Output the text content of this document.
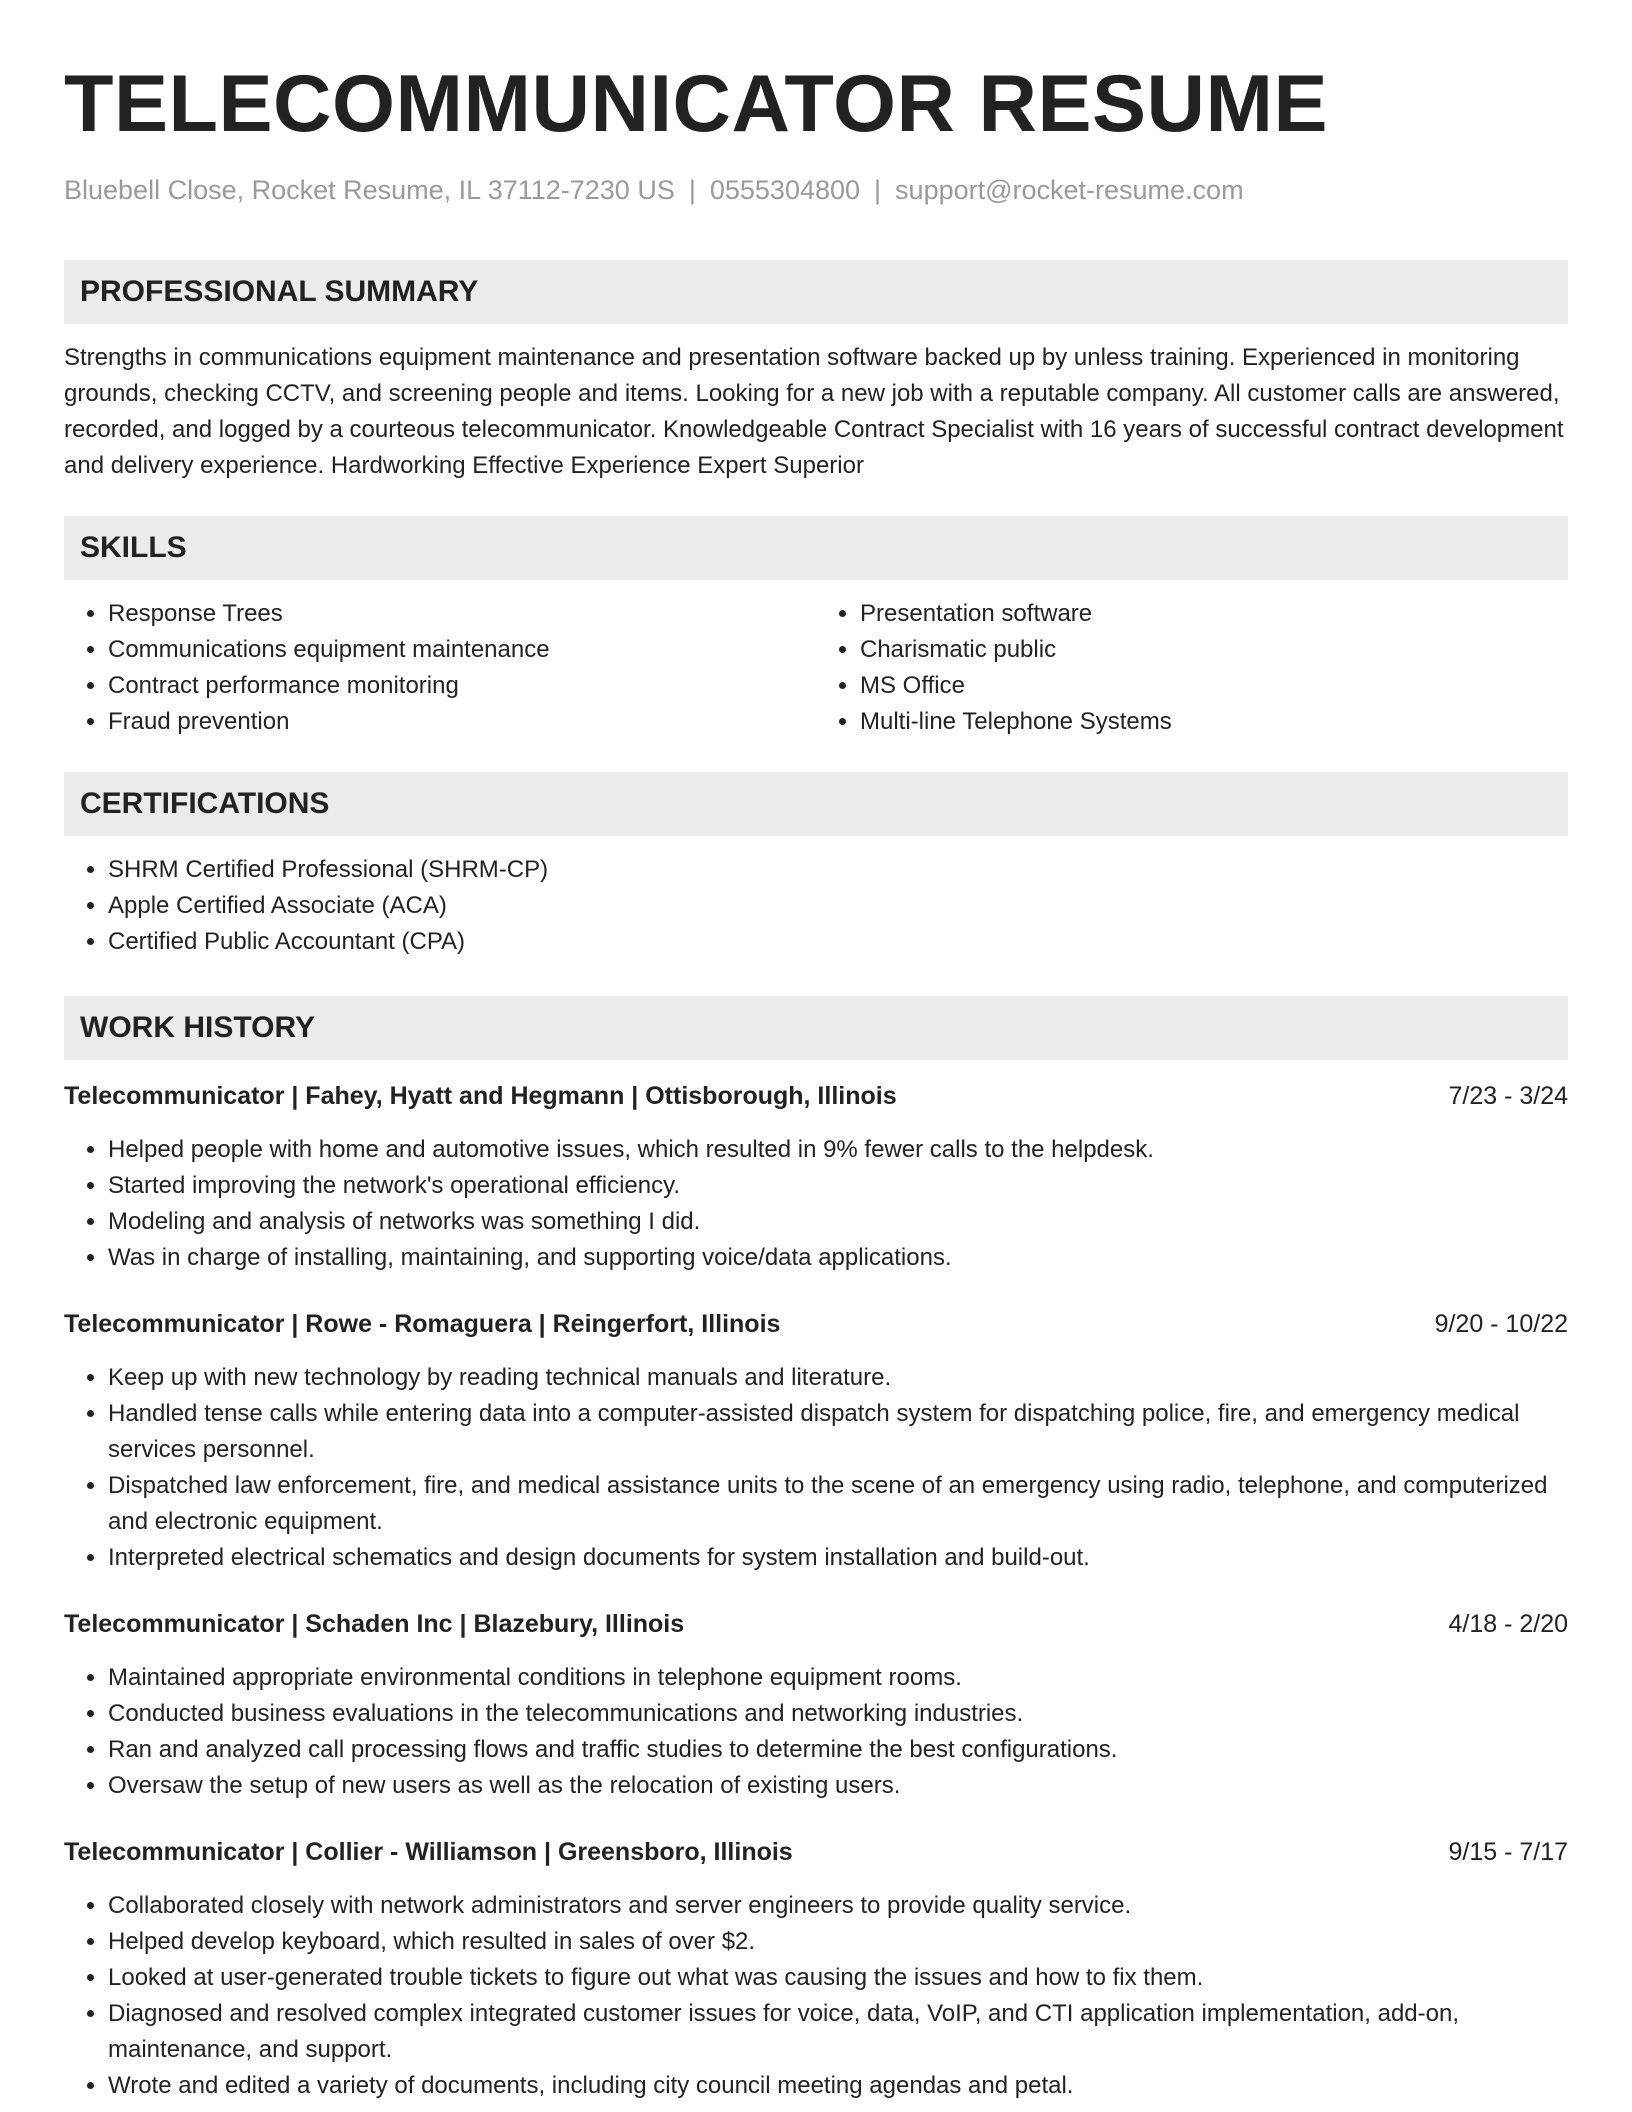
TELECOMMUNICATOR RESUME
Bluebell Close, Rocket Resume, IL 37112-7230 US | 0555304800 | support@rocket-resume.com
PROFESSIONAL SUMMARY

Strengths in communications equipment maintenance and presentation software backed up by unless training. Experienced in monitoring grounds, checking CCTV, and screening people and items. Looking for a new job with a reputable company. All customer calls are answered, recorded, and logged by a courteous telecommunicator. Knowledgeable Contract Specialist with 16 years of successful contract development and delivery experience. Hardworking Effective Experience Expert Superior

SKILLS
• Response Trees
• Communications equipment maintenance
• Contract performance monitoring
• Fraud prevention
• Presentation software
• Charismatic public
• MS Office
• Multi-line Telephone Systems
CERTIFICATIONS
• SHRM Certified Professional (SHRM-CP)
• Apple Certified Associate (ACA)
• Certified Public Accountant (CPA)
WORK HISTORY
Telecommunicator | Fahey, Hyatt and Hegmann | Ottisborough, Illinois	7/23 - 3/24
• Helped people with home and automotive issues, which resulted in 9% fewer calls to the helpdesk.
• Started improving the network's operational efficiency.
• Modeling and analysis of networks was something I did.
• Was in charge of installing, maintaining, and supporting voice/data applications.
Telecommunicator | Rowe - Romaguera | Reingerfort, Illinois	9/20 - 10/22
• Keep up with new technology by reading technical manuals and literature.
• Handled tense calls while entering data into a computer-assisted dispatch system for dispatching police, fire, and emergency medical services personnel.
• Dispatched law enforcement, fire, and medical assistance units to the scene of an emergency using radio, telephone, and computerized and electronic equipment.
• Interpreted electrical schematics and design documents for system installation and build-out.
Telecommunicator | Schaden Inc | Blazebury, Illinois	4/18 - 2/20
• Maintained appropriate environmental conditions in telephone equipment rooms.
• Conducted business evaluations in the telecommunications and networking industries.
• Ran and analyzed call processing flows and traffic studies to determine the best configurations.
• Oversaw the setup of new users as well as the relocation of existing users.
Telecommunicator | Collier - Williamson | Greensboro, Illinois	9/15 - 7/17
• Collaborated closely with network administrators and server engineers to provide quality service.
• Helped develop keyboard, which resulted in sales of over $2.
• Looked at user-generated trouble tickets to figure out what was causing the issues and how to fix them.
• Diagnosed and resolved complex integrated customer issues for voice, data, VoIP, and CTI application implementation, add-on, maintenance, and support.
• Wrote and edited a variety of documents, including city council meeting agendas and petal.
